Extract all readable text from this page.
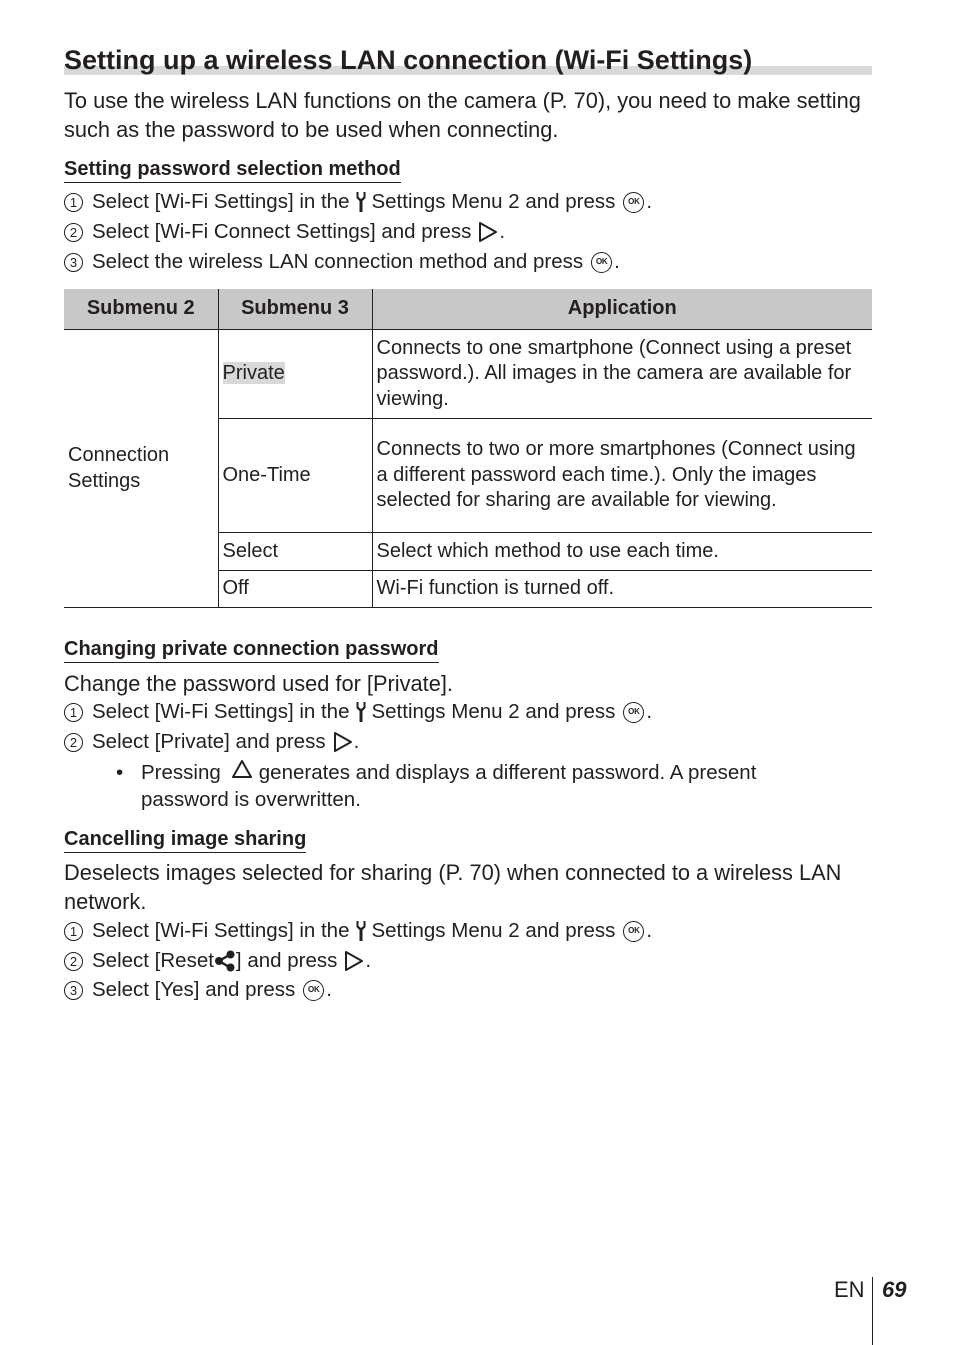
Setting up a wireless LAN connection (Wi-Fi Settings)

To use the wireless LAN functions on the camera (P. 70), you need to make setting such as the password to be used when connecting.

Setting password selection method
1 Select [Wi-Fi Settings] in the Settings Menu 2 and press	OK .
2 Select [Wi-Fi Connect Settings] and press .
3 Select the wireless LAN connection method and press	OK .
Submenu 2	Submenu 3	Application
Connection Settings	Private	Connects to one smartphone (Connect using a preset password.). All images in the camera are available for viewing.
	One-Time	Connects to two or more smartphones (Connect using a different password each time.). Only the images selected for sharing are available for viewing.
	Select	Select which method to use each time.
	Off	Wi-Fi function is turned off.
Changing private connection password

Change the password used for [Private].

1 Select [Wi-Fi Settings] in the Settings Menu 2 and press	OK .
2 Select [Private] and press .
• Pressing generates and displays a different password. A present password is overwritten.
Cancelling image sharing

Deselects images selected for sharing (P. 70) when connected to a wireless LAN network.

1 Select [Wi-Fi Settings] in the Settings Menu 2 and press	OK .
2 Select [Reset ] and press .
3 Select [Yes] and press	OK .
EN 69
